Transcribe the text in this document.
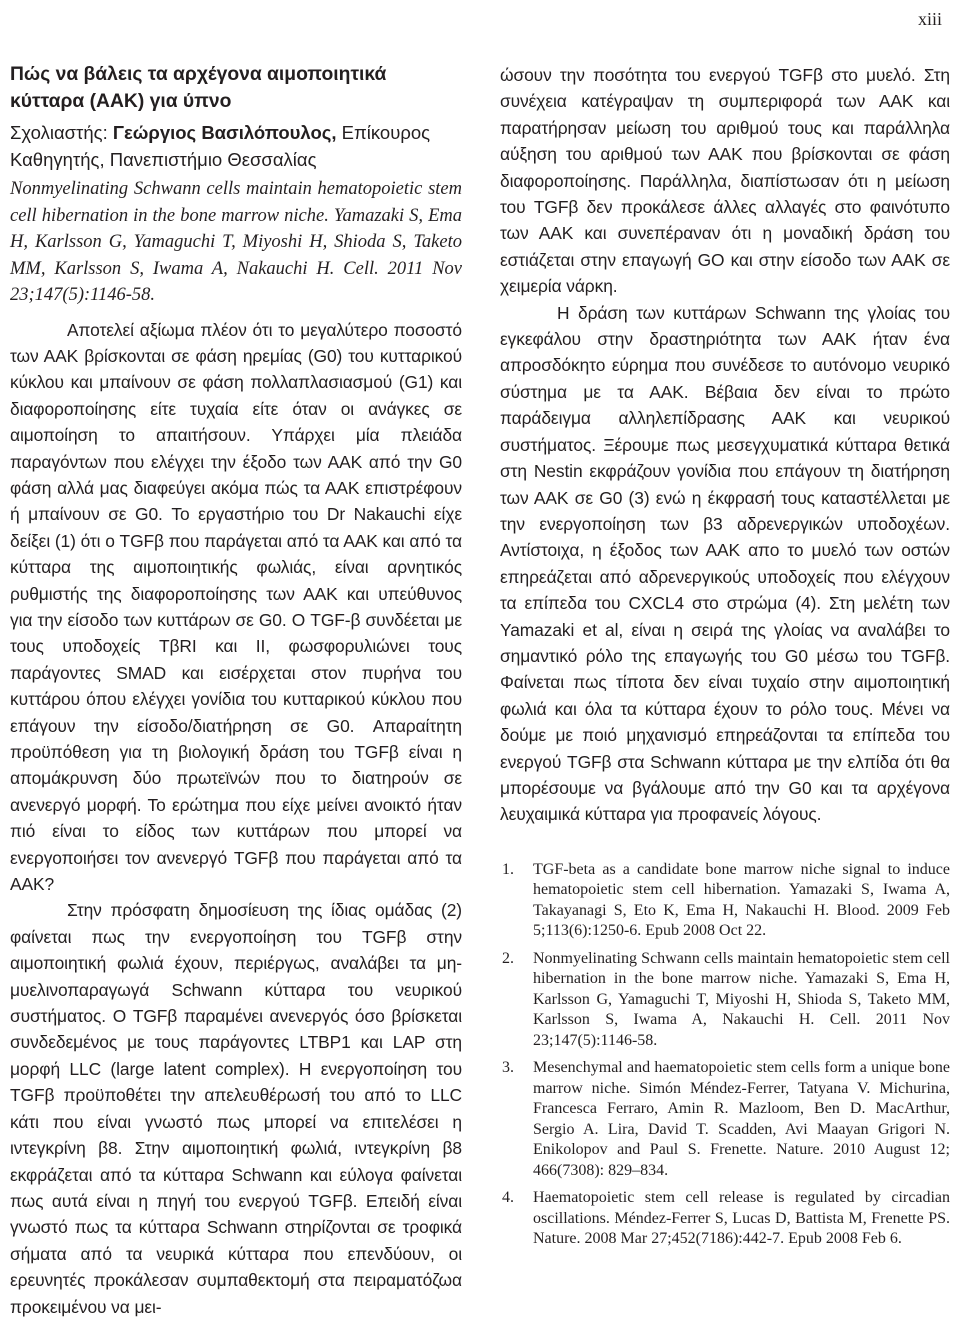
xiii
Πώς να βάλεις τα αρχέγονα αιμοποιητικά κύτταρα (ΑΑΚ) για ύπνο

Σχολιαστής: Γεώργιος Βασιλόπουλος, Επίκουρος Καθηγητής, Πανεπιστήμιο Θεσσαλίας

Nonmyelinating Schwann cells maintain hematopoietic stem cell hibernation in the bone marrow niche. Yamazaki S, Ema H, Karlsson G, Yamaguchi T, Miyoshi H, Shioda S, Taketo MM, Karlsson S, Iwama A, Nakauchi H. Cell. 2011 Nov 23;147(5):1146-58.

Αποτελεί αξίωμα πλέον ότι το μεγαλύτερο ποσοστό των ΑΑΚ βρίσκονται σε φάση ηρεμίας (G0) του κυτταρικού κύκλου και μπαίνουν σε φάση πολλαπλασιασμού (G1) και διαφοροποίησης είτε τυχαία είτε όταν οι ανάγκες σε αιμοποίηση το απαιτήσουν. Υπάρχει μία πλειάδα παραγόντων που ελέγχει την έξοδο των ΑΑΚ από την G0 φάση αλλά μας διαφεύγει ακόμα πώς τα ΑΑΚ επιστρέφουν ή μπαίνουν σε G0. Το εργαστήριο του Dr Nakauchi είχε δείξει (1) ότι ο TGFβ που παράγεται από τα ΑΑΚ και από τα κύτταρα της αιμοποιητικής φωλιάς, είναι αρνητικός ρυθμιστής της διαφοροποίησης των ΑΑΚ και υπεύθυνος για την είσοδο των κυττάρων σε G0. Ο TGF-β συνδέεται με τους υποδοχείς TβRI και II, φωσφορυλιώνει τους παράγοντες SMAD και εισέρχεται στον πυρήνα του κυττάρου όπου ελέγχει γονίδια του κυτταρικού κύκλου που επάγουν την είσοδο/διατήρηση σε G0. Απαραίτητη προϋπόθεση για τη βιολογική δράση του TGFβ είναι η απομάκρυνση δύο πρωτεϊνών που το διατηρούν σε ανενεργό μορφή. Το ερώτημα που είχε μείνει ανοικτό ήταν πιό είναι το είδος των κυττάρων που μπορεί να ενεργοποιήσει τον ανενεργό TGFβ που παράγεται από τα ΑΑΚ?

Στην πρόσφατη δημοσίευση της ίδιας ομάδας (2) φαίνεται πως την ενεργοποίηση του TGFβ στην αιμοποιητική φωλιά έχουν, περιέργως, αναλάβει τα μη-μυελινοπαραγωγά Schwann κύτταρα του νευρικού συστήματος. Ο TGFβ παραμένει ανενεργός όσο βρίσκεται συνδεδεμένος με τους παράγοντες LTBP1 και LAP στη μορφή LLC (large latent complex). Η ενεργοποίηση του TGFβ προϋποθέτει την απελευθέρωσή του από το LLC κάτι που είναι γνωστό πως μπορεί να επιτελέσει η ιντεγκρίνη β8. Στην αιμοποιητική φωλιά, ιντεγκρίνη β8 εκφράζεται από τα κύτταρα Schwann και εύλογα φαίνεται πως αυτά είναι η πηγή του ενεργού TGFβ. Επειδή είναι γνωστό πως τα κύτταρα Schwann στηρίζονται σε τροφικά σήματα από τα νευρικά κύτταρα που επενδύουν, οι ερευνητές προκάλεσαν συμπαθεκτομή στα πειραματόζωα προκειμένου να μει-

ώσουν την ποσότητα του ενεργού TGFβ στο μυελό. Στη συνέχεια κατέγραψαν τη συμπεριφορά των ΑΑΚ και παρατήρησαν μείωση του αριθμού τους και παράλληλα αύξηση του αριθμού των ΑΑΚ που βρίσκονται σε φάση διαφοροποίησης. Παράλληλα, διαπίστωσαν ότι η μείωση του TGFβ δεν προκάλεσε άλλες αλλαγές στο φαινότυπο των ΑΑΚ και συνεπέραναν ότι η μοναδική δράση του εστιάζεται στην επαγωγή GO και στην είσοδο των ΑΑΚ σε χειμερία νάρκη.

Η δράση των κυττάρων Schwann της γλοίας του εγκεφάλου στην δραστηριότητα των ΑΑΚ ήταν ένα απροσδόκητο εύρημα που συνέδεσε το αυτόνομο νευρικό σύστημα με τα ΑΑΚ. Βέβαια δεν είναι το πρώτο παράδειγμα αλληλεπίδρασης ΑΑΚ και νευρικού συστήματος. Ξέρουμε πως μεσεγχυματικά κύτταρα θετικά στη Nestin εκφράζουν γονίδια που επάγουν τη διατήρηση των ΑΑΚ σε G0 (3) ενώ η έκφρασή τους καταστέλλεται με την ενεργοποίηση των β3 αδρενεργικών υποδοχέων. Αντίστοιχα, η έξοδος των ΑΑΚ απο το μυελό των οστών επηρεάζεται από αδρενεργικούς υποδοχείς που ελέγχουν τα επίπεδα του CXCL4 στο στρώμα (4). Στη μελέτη των Yamazaki et al, είναι η σειρά της γλοίας να αναλάβει το σημαντικό ρόλο της επαγωγής του G0 μέσω του TGFβ. Φαίνεται πως τίποτα δεν είναι τυχαίο στην αιμοποιητική φωλιά και όλα τα κύτταρα έχουν το ρόλο τους. Μένει να δούμε με ποιό μηχανισμό επηρεάζονται τα επίπεδα του ενεργού TGFβ στα Schwann κύτταρα με την ελπίδα ότι θα μπορέσουμε να βγάλουμε από την G0 και τα αρχέγονα λευχαιμικά κύτταρα για προφανείς λόγους.

1. TGF-beta as a candidate bone marrow niche signal to induce hematopoietic stem cell hibernation. Yamazaki S, Iwama A, Takayanagi S, Eto K, Ema H, Nakauchi H. Blood. 2009 Feb 5;113(6):1250-6. Epub 2008 Oct 22.
2. Nonmyelinating Schwann cells maintain hematopoietic stem cell hibernation in the bone marrow niche. Yamazaki S, Ema H, Karlsson G, Yamaguchi T, Miyoshi H, Shioda S, Taketo MM, Karlsson S, Iwama A, Nakauchi H. Cell. 2011 Nov 23;147(5):1146-58.
3. Mesenchymal and haematopoietic stem cells form a unique bone marrow niche. Simón Méndez-Ferrer, Tatyana V. Michurina, Francesca Ferraro, Amin R. Mazloom, Ben D. MacArthur, Sergio A. Lira, David T. Scadden, Avi Maayan Grigori N. Enikolopov and Paul S. Frenette. Nature. 2010 August 12; 466(7308): 829–834.
4. Haematopoietic stem cell release is regulated by circadian oscillations. Méndez-Ferrer S, Lucas D, Battista M, Frenette PS. Nature. 2008 Mar 27;452(7186):442-7. Epub 2008 Feb 6.
